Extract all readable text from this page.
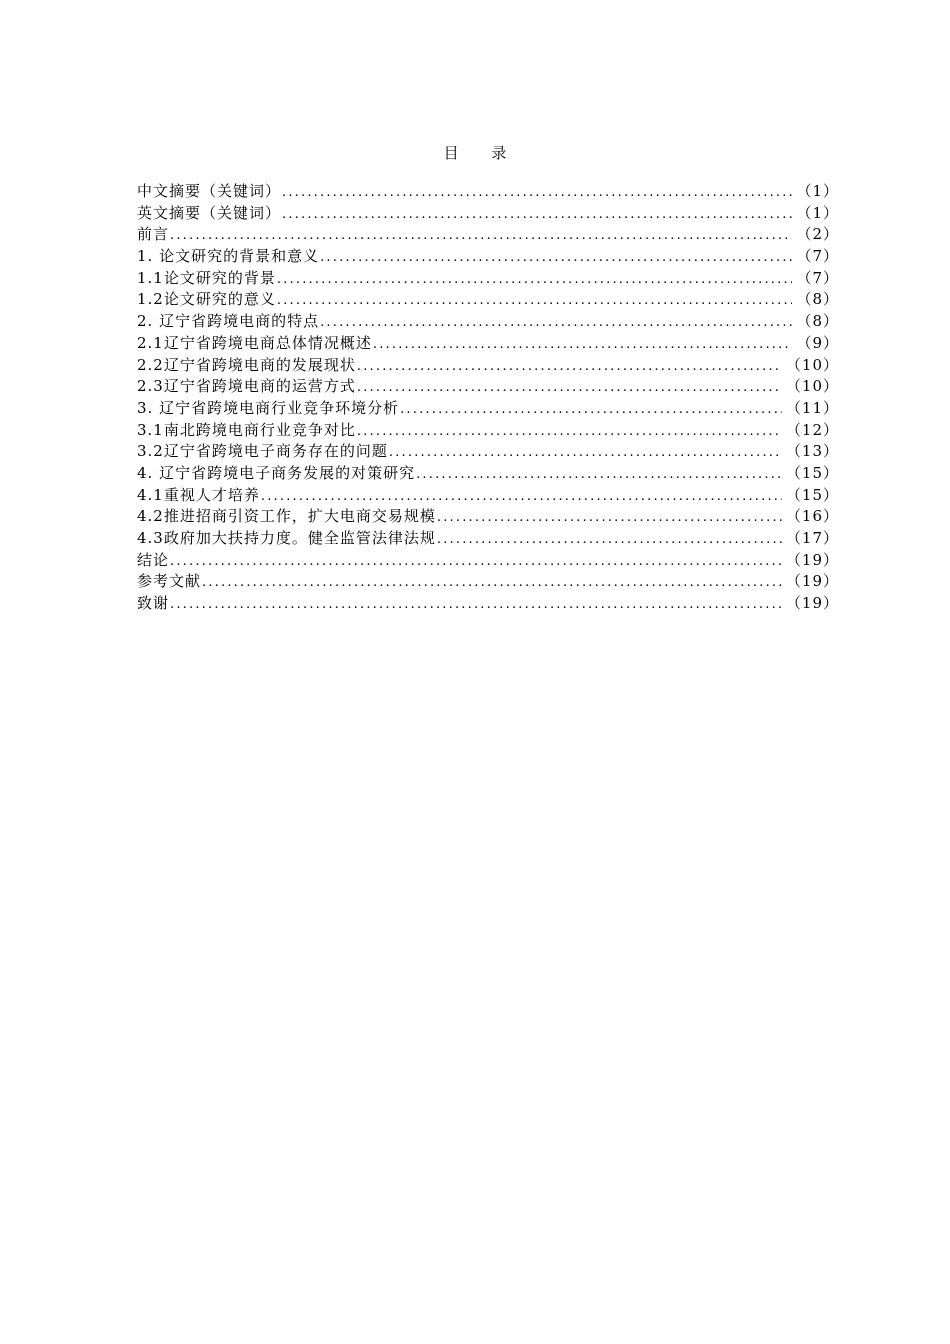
目 录
中文摘要（关键词） .....	（1）
英文摘要（关键词） .....	（1）
前言 .....	（2）
1. 论文研究的背景和意义 .....	（7）
1.1论文研究的背景 .....	（7）
1.2论文研究的意义 .....	（8）
2. 辽宁省跨境电商的特点 .....	（8）
2.1辽宁省跨境电商总体情况概述 .....	（9）
2.2辽宁省跨境电商的发展现状 .....	（10）
2.3辽宁省跨境电商的运营方式 .....	（10）
3. 辽宁省跨境电商行业竞争环境分析 .....	（11）
3.1南北跨境电商行业竞争对比 .....	（12）
3.2辽宁省跨境电子商务存在的问题 .....	（13）
4. 辽宁省跨境电子商务发展的对策研究 .....	（15）
4.1重视人才培养 .....	（15）
4.2推进招商引资工作，扩大电商交易规模 .....	（16）
4.3政府加大扶持力度。健全监管法律法规 .....	（17）
结论 .....	（19）
参考文献 .....	（19）
致谢 .....	（19）
